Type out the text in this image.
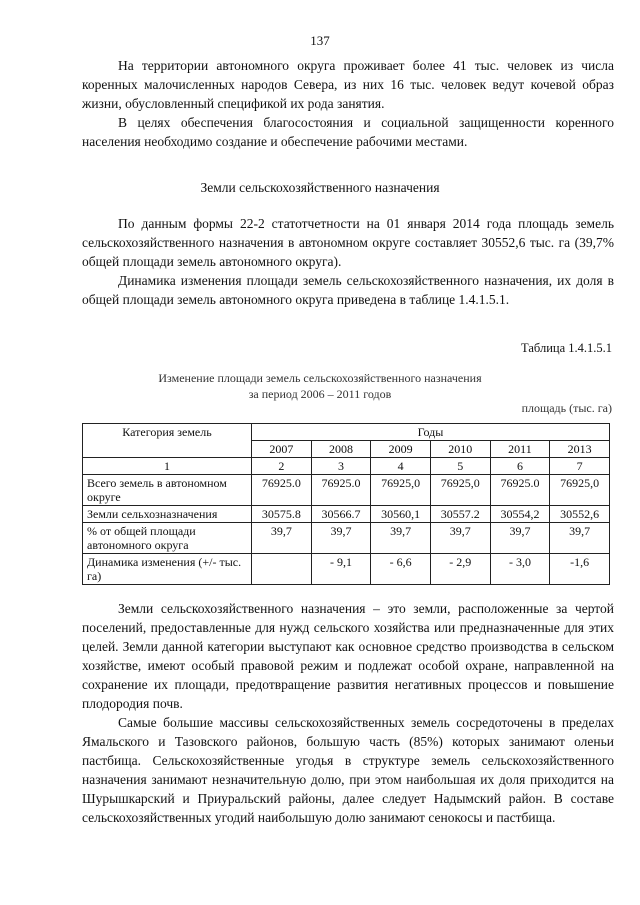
137

На территории автономного округа проживает более 41 тыс. человек из числа коренных малочисленных народов Севера, из них 16 тыс. человек ведут кочевой образ жизни, обусловленный спецификой их рода занятия.

В целях обеспечения благосостояния и социальной защищенности коренного населения необходимо создание и обеспечение рабочими местами.

Земли сельскохозяйственного назначения

По данным формы 22-2 статотчетности на 01 января 2014 года площадь земель сельскохозяйственного назначения в автономном округе составляет 30552,6 тыс. га (39,7% общей площади земель автономного округа).

Динамика изменения площади земель сельскохозяйственного назначения, их доля в общей площади земель автономного округа приведена в таблице 1.4.1.5.1.

Таблица 1.4.1.5.1
Изменение площади земель сельскохозяйственного назначения
за период 2006 – 2011 годов
площадь (тыс. га)
Категория земель	Годы					
	2007	2008	2009	2010	2011	2013
1	2	3	4	5	6	7
Всего земель в автономном округе	76925.0	76925.0	76925,0	76925,0	76925.0	76925,0
Земли сельхозназначения	30575.8	30566.7	30560,1	30557.2	30554,2	30552,6
% от общей площади автономного округа	39,7	39,7	39,7	39,7	39,7	39,7
Динамика изменения (+/- тыс. га)		- 9,1	- 6,6	- 2,9	- 3,0	-1,6

Земли сельскохозяйственного назначения – это земли, расположенные за чертой поселений, предоставленные для нужд сельского хозяйства или предназначенные для этих целей. Земли данной категории выступают как основное средство производства в сельском хозяйстве, имеют особый правовой режим и подлежат особой охране, направленной на сохранение их площади, предотвращение развития негативных процессов и повышение плодородия почв.

Самые большие массивы сельскохозяйственных земель сосредоточены в пределах Ямальского и Тазовского районов, большую часть (85%) которых занимают оленьи пастбища. Сельскохозяйственные угодья в структуре земель сельскохозяйственного назначения занимают незначительную долю, при этом наибольшая их доля приходится на Шурышкарский и Приуральский районы, далее следует Надымский район. В составе сельскохозяйственных угодий наибольшую долю занимают сенокосы и пастбища.
